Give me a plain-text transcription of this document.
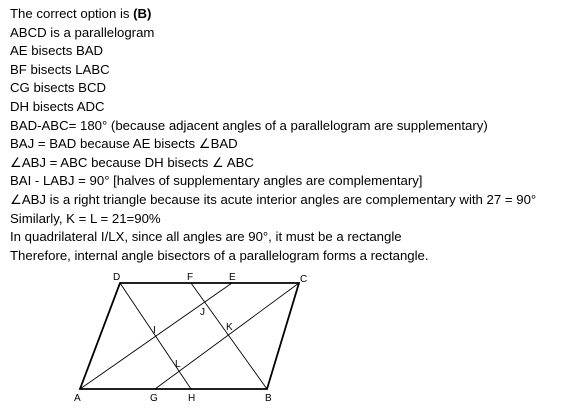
The correct option is (B)
ABCD is a parallelogram
AE bisects BAD
BF bisects LABC
CG bisects BCD
DH bisects ADC
BAD-ABC= 180° (because adjacent angles of a parallelogram are supplementary)
BAJ = BAD because AE bisects ∠BAD
∠ABJ = ABC because DH bisects ∠ ABC
BAI - LABJ = 90° [halves of supplementary angles are complementary]
∠ABJ is a right triangle because its acute interior angles are complementary with 27 = 90°
Similarly, K = L = 21=90%
In quadrilateral I/LX, since all angles are 90°, it must be a rectangle
Therefore, internal angle bisectors of a parallelogram forms a rectangle.
A	G	H	B
D	F	E	C
I
J
K
L
